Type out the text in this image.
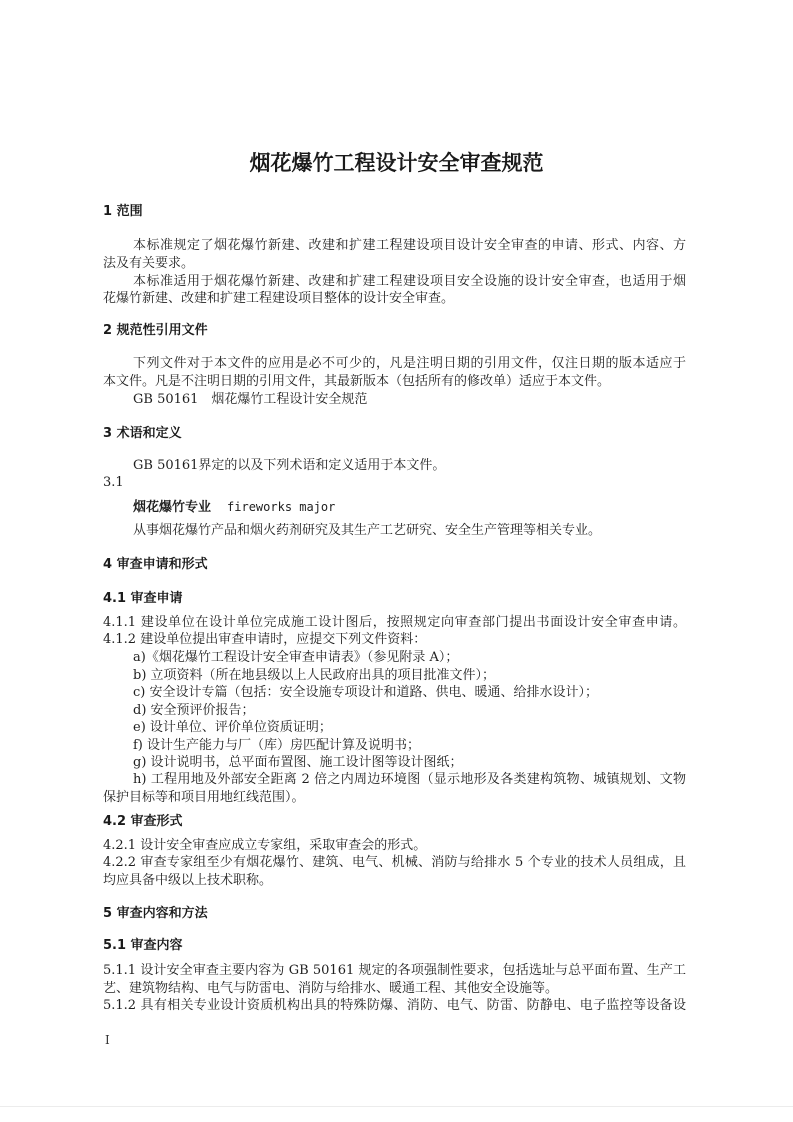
烟花爆竹工程设计安全审查规范
1 范围
本标准规定了烟花爆竹新建、改建和扩建工程建设项目设计安全审查的申请、形式、内容、方
法及有关要求。
本标准适用于烟花爆竹新建、改建和扩建工程建设项目安全设施的设计安全审查，也适用于烟
花爆竹新建、改建和扩建工程建设项目整体的设计安全审查。
2 规范性引用文件
下列文件对于本文件的应用是必不可少的，凡是注明日期的引用文件，仅注日期的版本适应于
本文件。凡是不注明日期的引用文件，其最新版本（包括所有的修改单）适应于本文件。
GB 50161　烟花爆竹工程设计安全规范
3 术语和定义
GB 50161界定的以及下列术语和定义适用于本文件。
3.1
烟花爆竹专业 fireworks major
从事烟花爆竹产品和烟火药剂研究及其生产工艺研究、安全生产管理等相关专业。
4 审查申请和形式
4.1 审查申请
4.1.1 建设单位在设计单位完成施工设计图后，按照规定向审查部门提出书面设计安全审查申请。
4.1.2 建设单位提出审查申请时，应提交下列文件资料：
a)《烟花爆竹工程设计安全审查申请表》（参见附录 A）；
b) 立项资料（所在地县级以上人民政府出具的项目批准文件）；
c) 安全设计专篇（包括：安全设施专项设计和道路、供电、暖通、给排水设计）；
d) 安全预评价报告；
e) 设计单位、评价单位资质证明；
f) 设计生产能力与厂（库）房匹配计算及说明书；
g) 设计说明书，总平面布置图、施工设计图等设计图纸；
h) 工程用地及外部安全距离 2 倍之内周边环境图（显示地形及各类建构筑物、城镇规划、文物
保护目标等和项目用地红线范围）。
4.2 审查形式
4.2.1 设计安全审查应成立专家组，采取审查会的形式。
4.2.2 审查专家组至少有烟花爆竹、建筑、电气、机械、消防与给排水 5 个专业的技术人员组成，且
均应具备中级以上技术职称。
5 审查内容和方法
5.1 审查内容
5.1.1 设计安全审查主要内容为 GB 50161 规定的各项强制性要求，包括选址与总平面布置、生产工
艺、建筑物结构、电气与防雷电、消防与给排水、暖通工程、其他安全设施等。
5.1.2 具有相关专业设计资质机构出具的特殊防爆、消防、电气、防雷、防静电、电子监控等设备设
I
